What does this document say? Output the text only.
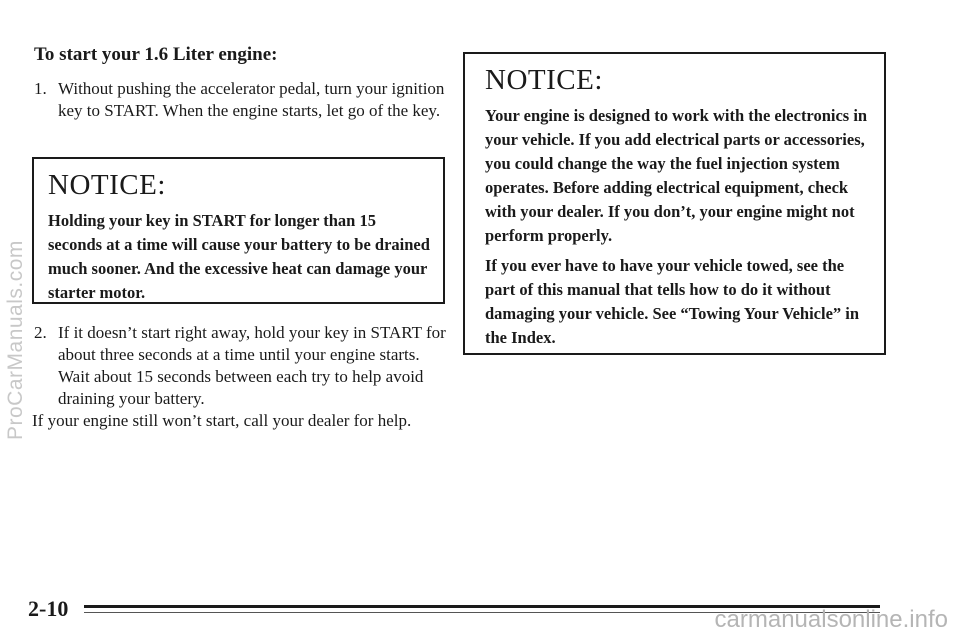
To start your 1.6 Liter engine:

1. Without pushing the accelerator pedal, turn your ignition key to START. When the engine starts, let go of the key.

NOTICE:

Holding your key in START for longer than 15 seconds at a time will cause your battery to be drained much sooner. And the excessive heat can damage your starter motor.

2. If it doesn’t start right away, hold your key in START for about three seconds at a time until your engine starts. Wait about 15 seconds between each try to help avoid draining your battery.

If your engine still won’t start, call your dealer for help.

NOTICE:

Your engine is designed to work with the electronics in your vehicle. If you add electrical parts or accessories, you could change the way the fuel injection system operates. Before adding electrical equipment, check with your dealer. If you don’t, your engine might not perform properly.

If you ever have to have your vehicle towed, see the part of this manual that tells how to do it without damaging your vehicle. See “Towing Your Vehicle” in the Index.

ProCarManuals.com
2-10	carmanualsonline.info
